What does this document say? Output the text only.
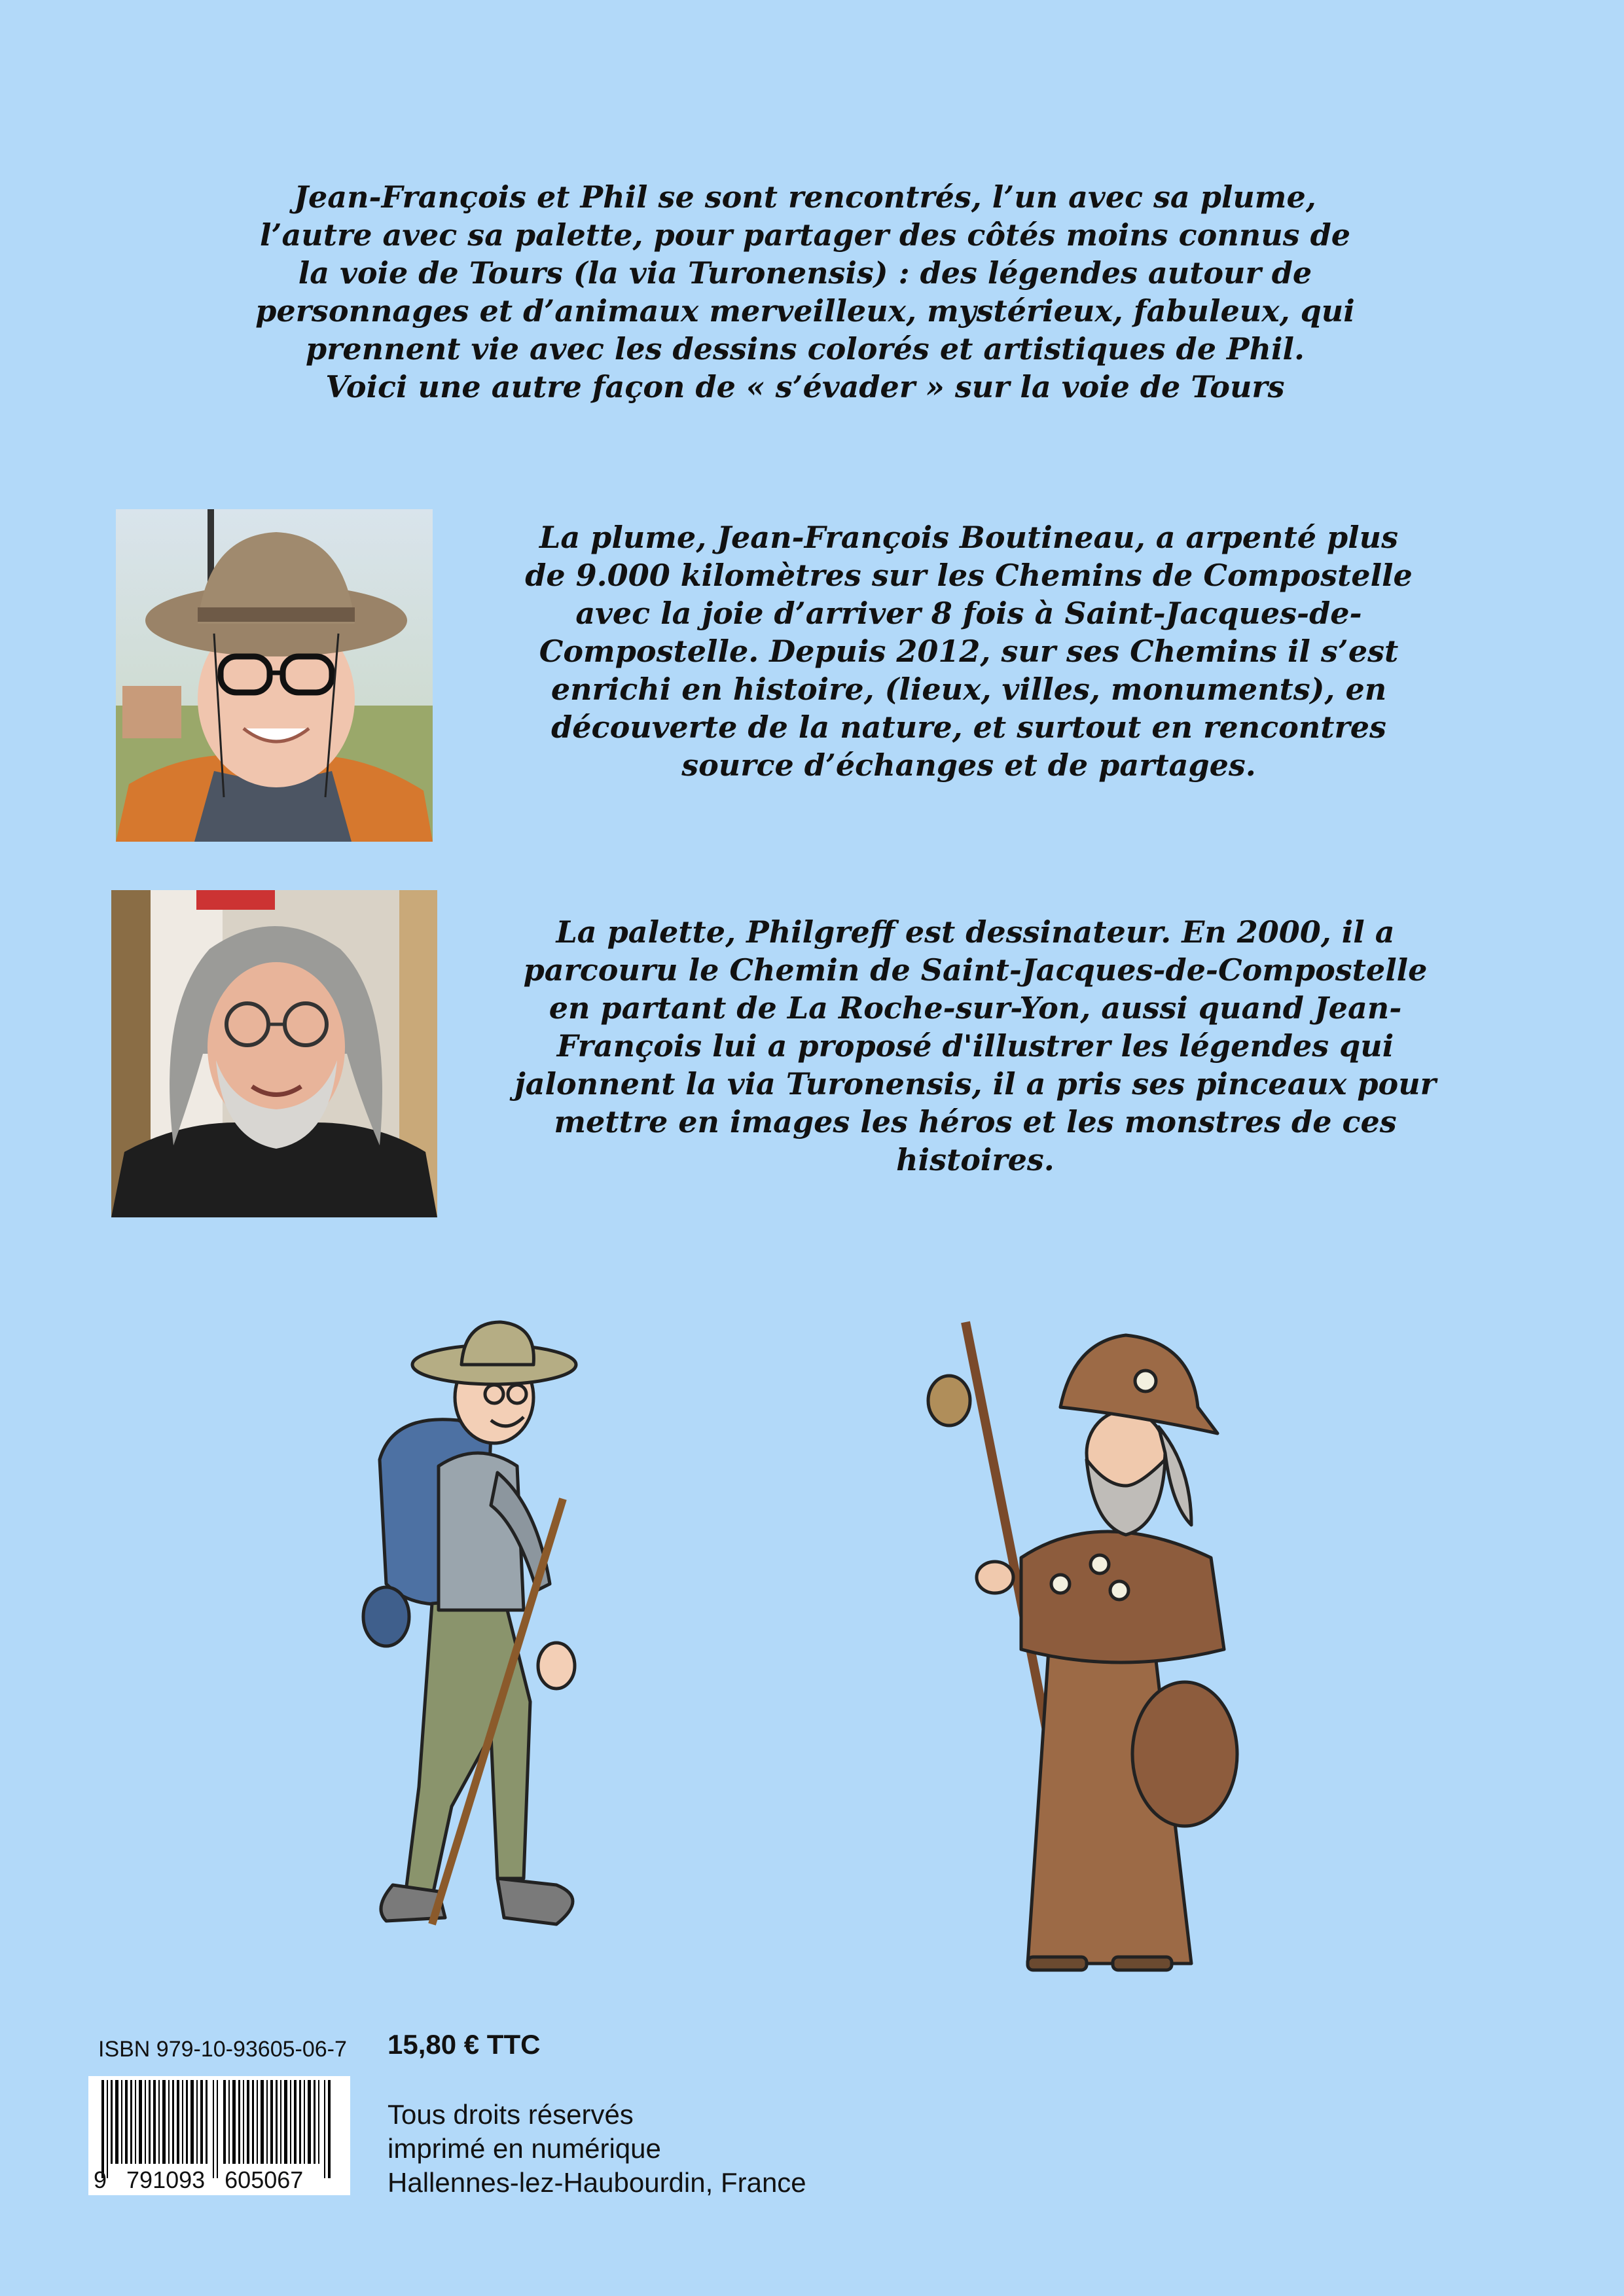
Jean-François et Phil se sont rencontrés, l’un avec sa plume,
l’autre avec sa palette, pour partager des côtés moins connus de
la voie de Tours (la via Turonensis) : des légendes autour de
personnages et d’animaux merveilleux, mystérieux, fabuleux, qui
prennent vie avec les dessins colorés et artistiques de Phil.
Voici une autre façon de « s’évader » sur la voie de Tours
La plume, Jean-François Boutineau, a arpenté plus
de 9.000 kilomètres sur les Chemins de Compostelle
avec la joie d’arriver 8 fois à Saint-Jacques-de-
Compostelle. Depuis 2012, sur ses Chemins il s’est
enrichi en histoire, (lieux, villes, monuments), en
découverte de la nature, et surtout en rencontres
source d’échanges et de partages.
La palette, Philgreff est dessinateur. En 2000, il a
parcouru le Chemin de Saint-Jacques-de-Compostelle
en partant de La Roche-sur-Yon, aussi quand Jean-
François lui a proposé d'illustrer les légendes qui
jalonnent la via Turonensis, il a pris ses pinceaux pour
mettre en images les héros et les monstres de ces
histoires.
ISBN 979-10-93605-06-7
9   791093   605067
15,80 € TTC
Tous droits réservés
imprimé en numérique
Hallennes-lez-Haubourdin, France
